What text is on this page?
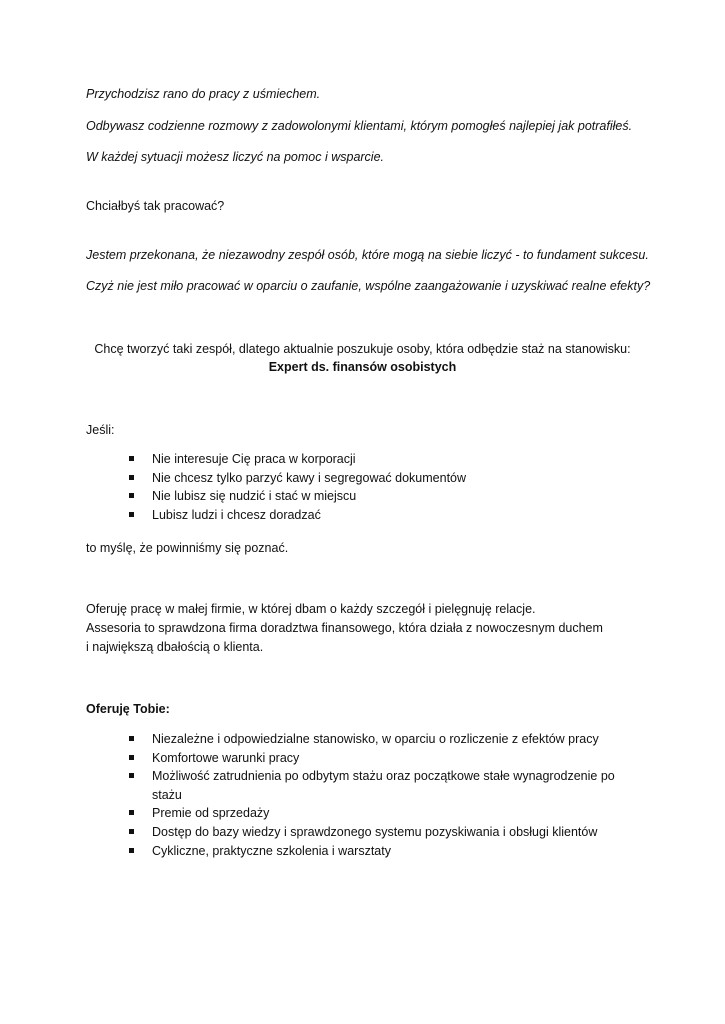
Przychodzisz rano do pracy z uśmiechem.
Odbywasz codzienne rozmowy z zadowolonymi klientami, którym pomogłeś najlepiej jak potrafiłeś.
W każdej sytuacji możesz liczyć na pomoc i wsparcie.
Chciałbyś tak pracować?
Jestem przekonana, że niezawodny zespół osób, które mogą na siebie liczyć - to fundament sukcesu.
Czyż nie jest miło pracować w oparciu o zaufanie, wspólne zaangażowanie i uzyskiwać realne efekty?
Chcę tworzyć taki zespół, dlatego aktualnie poszukuje osoby, która odbędzie staż na stanowisku:
Expert ds. finansów osobistych
Jeśli:
Nie interesuje Cię praca w korporacji
Nie chcesz tylko parzyć kawy i segregować dokumentów
Nie lubisz się nudzić i stać w miejscu
Lubisz ludzi i chcesz doradzać
to myślę, że powinniśmy się poznać.
Oferuję pracę w małej firmie, w której dbam o każdy szczegół i pielęgnuję relacje.
Assesoria to sprawdzona firma doradztwa finansowego, która działa z nowoczesnym duchem
i największą dbałością o klienta.
Oferuję Tobie:
Niezależne i odpowiedzialne stanowisko, w oparciu o rozliczenie z efektów pracy
Komfortowe warunki pracy
Możliwość zatrudnienia po odbytym stażu oraz początkowe stałe wynagrodzenie po
stażu
Premie od sprzedaży
Dostęp do bazy wiedzy i sprawdzonego systemu pozyskiwania i obsługi klientów
Cykliczne, praktyczne szkolenia i warsztaty
